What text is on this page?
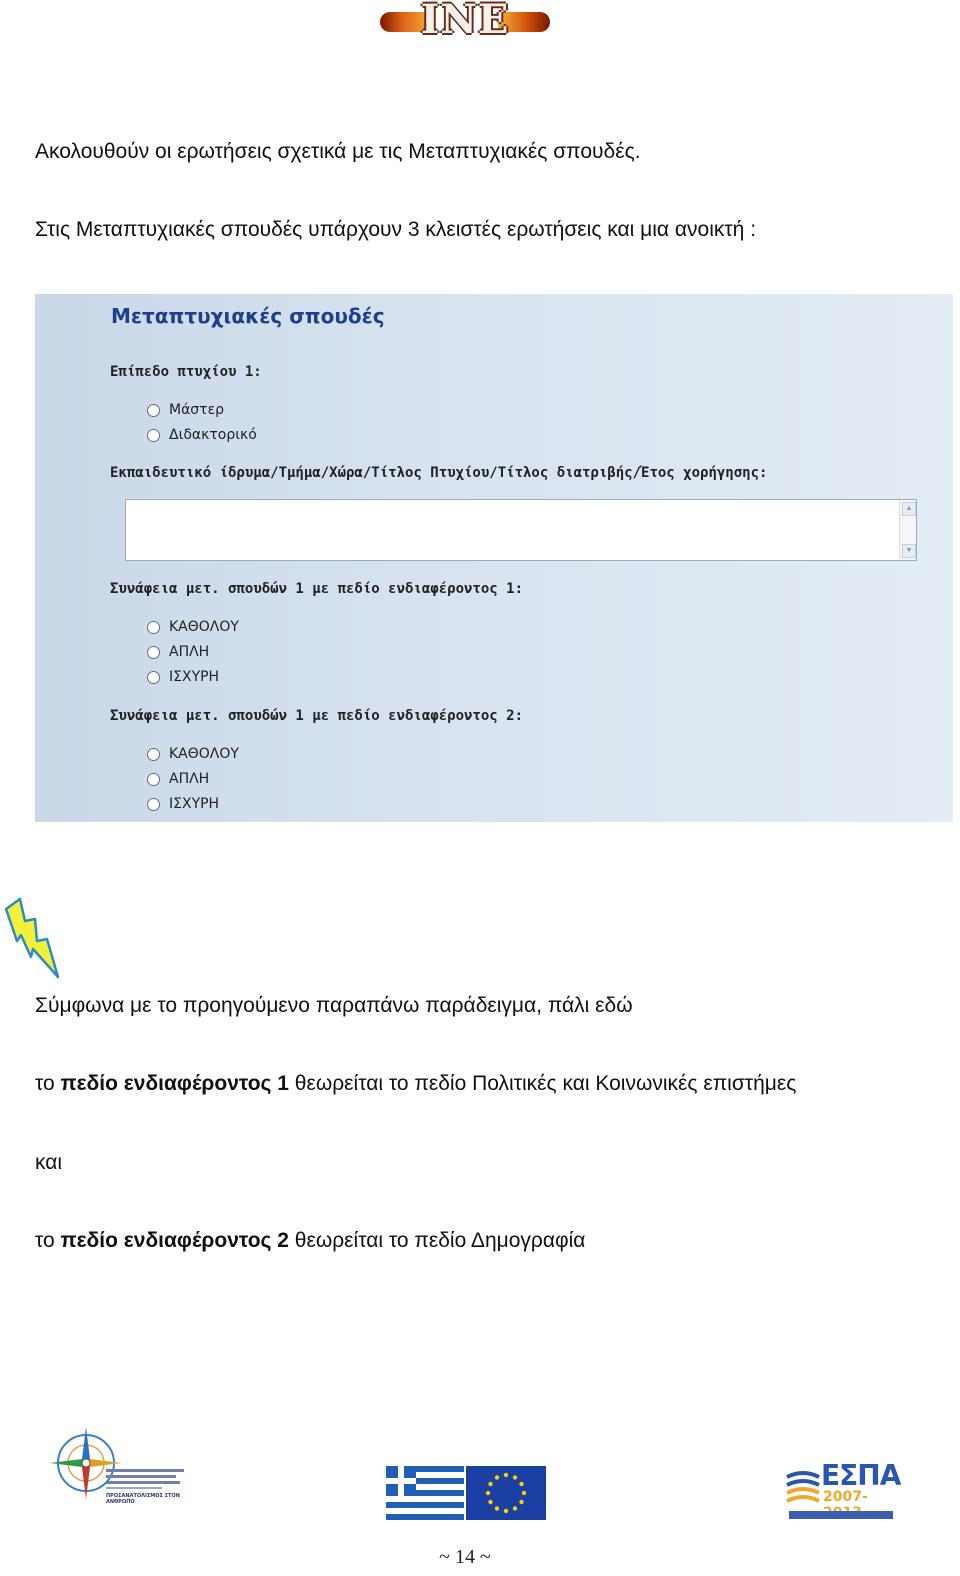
INE
Ακολουθούν οι ερωτήσεις σχετικά με τις Μεταπτυχιακές σπουδές.
Στις Μεταπτυχιακές σπουδές υπάρχουν 3 κλειστές ερωτήσεις και μια ανοικτή :
Μεταπτυχιακές σπουδές
Επίπεδο πτυχίου 1:
Μάστερ
Διδακτορικό
Εκπαιδευτικό ίδρυμα/Τμήμα/Χώρα/Τίτλος Πτυχίου/Τίτλος διατριβής/Έτος χορήγησης:
▲
▼
Συνάφεια μετ. σπουδών 1 με πεδίο ενδιαφέροντος 1:
ΚΑΘΟΛΟΥ
ΑΠΛΗ
ΙΣΧΥΡΗ
Συνάφεια μετ. σπουδών 1 με πεδίο ενδιαφέροντος 2:
ΚΑΘΟΛΟΥ
ΑΠΛΗ
ΙΣΧΥΡΗ
Σύμφωνα με το προηγούμενο παραπάνω παράδειγμα, πάλι εδώ
το πεδίο ενδιαφέροντος 1 θεωρείται το πεδίο Πολιτικές και Κοινωνικές επιστήμες
και
το πεδίο ενδιαφέροντος 2 θεωρείται το πεδίο Δημογραφία
ΠΡΟΣΑΝΑΤΟΛΙΣΜΟΣ ΣΤΟΝ ΑΝΘΡΩΠΟ
ΕΣΠΑ
2007-
~ 14 ~
